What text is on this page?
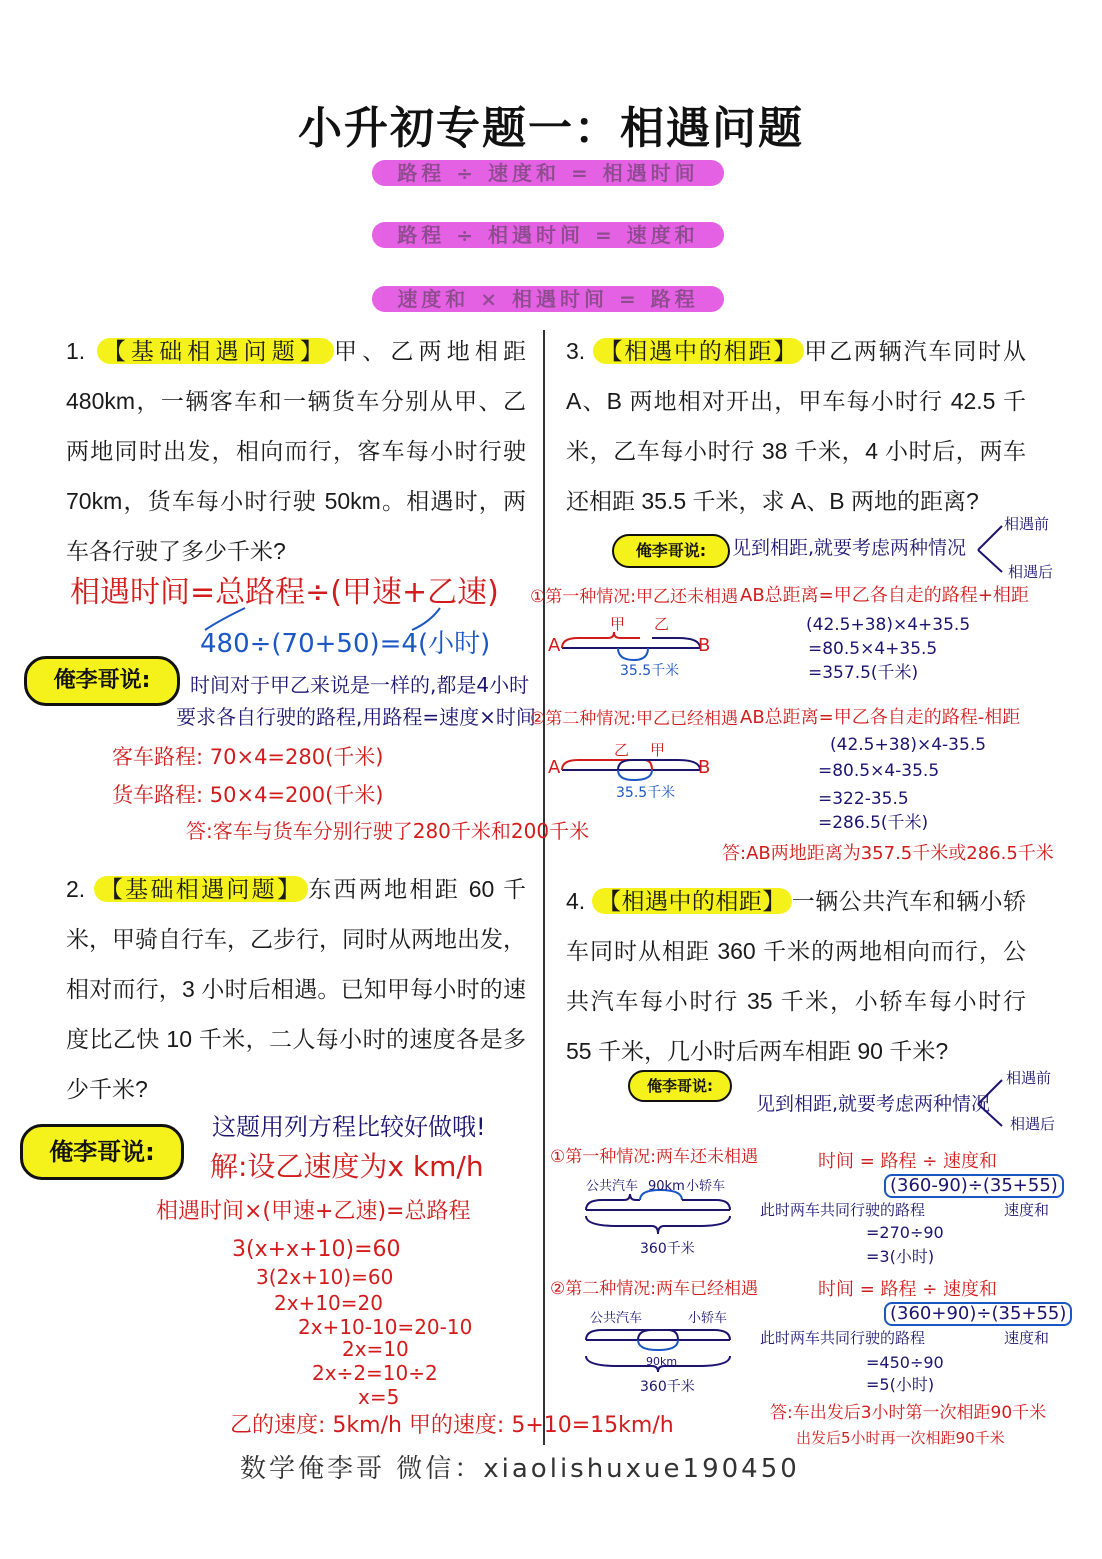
小升初专题一：相遇问题
路程 ÷ 速度和 = 相遇时间
路程 ÷ 相遇时间 = 速度和
速度和 × 相遇时间 = 路程
1. 【基础相遇问题】 甲、乙两地相距480km，一辆客车和一辆货车分别从甲、乙两地同时出发，相向而行，客车每小时行驶 70km，货车每小时行驶 50km。相遇时，两车各行驶了多少千米?
相遇时间=总路程÷(甲速+乙速)
480÷(70+50)=4(小时)
俺李哥说:	时间对于甲乙来说是一样的,都是4小时
要求各自行驶的路程,用路程=速度×时间
客车路程: 70×4=280(千米)
货车路程: 50×4=200(千米)
答:客车与货车分别行驶了280千米和200千米
2. 【基础相遇问题】 东西两地相距 60 千米，甲骑自行车，乙步行，同时从两地出发，相对而行，3 小时后相遇。已知甲每小时的速度比乙快 10 千米，二人每小时的速度各是多少千米?
俺李哥说:
这题用列方程比较好做哦!
解:设乙速度为x km/h
相遇时间×(甲速+乙速)=总路程
3(x+x+10)=60
3(2x+10)=60
2x+10=20
2x+10-10=20-10
2x=10
2x÷2=10÷2
x=5
乙的速度: 5km/h 甲的速度: 5+10=15km/h
3. 【相遇中的相距】 甲乙两辆汽车同时从 A、B 两地相对开出，甲车每小时行 42.5 千米，乙车每小时行 38 千米，4 小时后，两车还相距 35.5 千米，求 A、B 两地的距离?
俺李哥说:	见到相距,就要考虑两种情况
相遇前
相遇后
①第一种情况:甲乙还未相遇 AB总距离=甲乙各自走的路程+相距
A	B
甲 乙
35.5千米
(42.5+38)×4+35.5
=80.5×4+35.5
=357.5(千米)
②第二种情况:甲乙已经相遇 AB总距离=甲乙各自走的路程-相距
A	B
乙 甲
35.5千米
(42.5+38)×4-35.5
=80.5×4-35.5
=322-35.5
=286.5(千米)
答:AB两地距离为357.5千米或286.5千米
4. 【相遇中的相距】 一辆公共汽车和辆小轿车同时从相距 360 千米的两地相向而行，公共汽车每小时行 35 千米，小轿车每小时行 55 千米，几小时后两车相距 90 千米?
俺李哥说:
见到相距,就要考虑两种情况
相遇前
相遇后
①第一种情况:两车还未相遇
公共汽车 90km 小轿车
360千米
时间 = 路程 ÷ 速度和
(360-90)÷(35+55)
此时两车共同行驶的路程	速度和
=270÷90
=3(小时)
②第二种情况:两车已经相遇
公共汽车	小轿车
90km
360千米
时间 = 路程 ÷ 速度和
(360+90)÷(35+55)
此时两车共同行驶的路程	速度和
=450÷90
=5(小时)
答:车出发后3小时第一次相距90千米
出发后5小时再一次相距90千米
数学俺李哥 微信：xiaolishuxue190450
